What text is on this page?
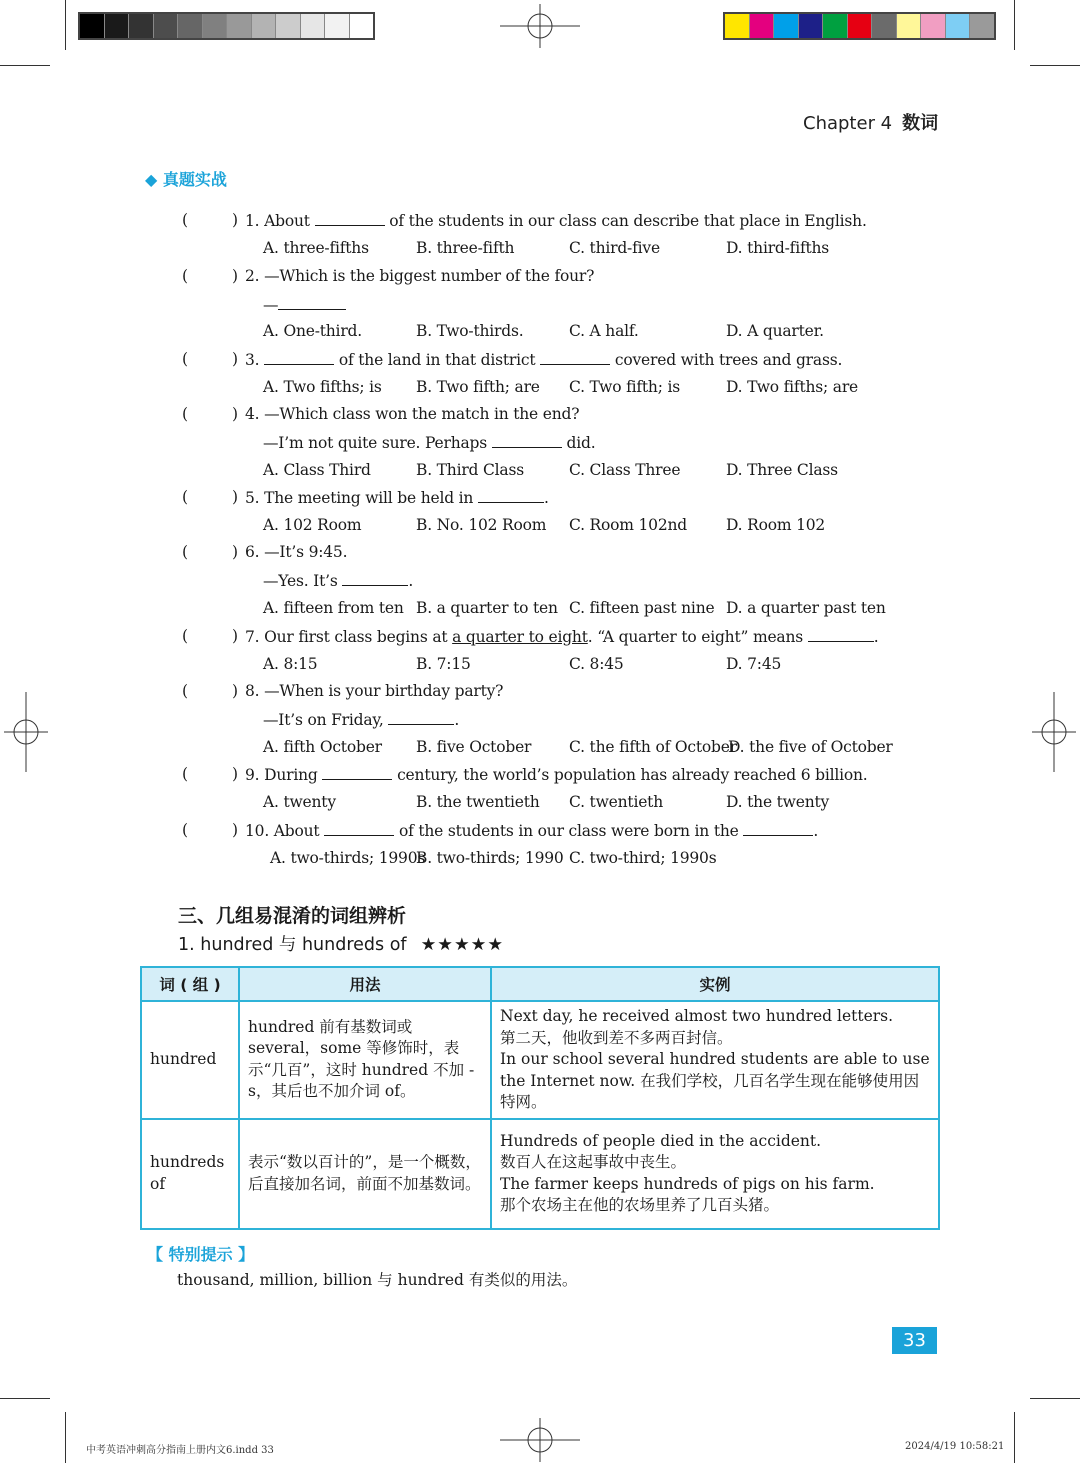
Chapter 4 数词
◆ 真题实战
(	) 1. About	of the students in our class can describe that place in English.
A. three-fifths	B. three-fifth	C. third-five	D. third-fifths
(	) 2. —Which is the biggest number of the four?
—
A. One-third.	B. Two-thirds.	C. A half.	D. A quarter.
(	) 3.	of the land in that district	covered with trees and grass.
A. Two fifths; is B. Two fifth; are C. Two fifth; is	D. Two fifths; are
(	) 4. —Which class won the match in the end?
—I’m not quite sure. Perhaps	did.
A. Class Third	B. Third Class	C. Class Three	D. Three Class
(	) 5. The meeting will be held in	.
A. 102 Room	B. No. 102 Room C. Room 102nd	D. Room 102
(	) 6. —It’s 9:45.
—Yes. It’s	.
A. fifteen from ten B. a quarter to ten C. fifteen past nine D. a quarter past ten
(	) 7. Our first class begins at a quarter to eight. “A quarter to eight” means	.
A. 8:15	B. 7:15	C. 8:45	D. 7:45
(	) 8. —When is your birthday party?
—It’s on Friday,	.
A. fifth October B. five October C. the fifth of October
D. the five of October
(	) 9. During	century, the world’s population has already reached 6 billion.
A. twenty	B. the twentieth C. twentieth	D. the twenty
(	) 10. About	of the students in our class were born in the	.
A. two-thirds; 1990s
B. two-thirds; 1990 C. two-third; 1990s
三、几组易混淆的词组辨析
1. hundred 与 hundreds of ★★★★★
词 ( 组 )	用法	实例
hundred	hundred 前有基数词或 several，some 等修饰时，表示“几百”，这时 hundred 不加 -s，其后也不加介词 of。	Next day, he received almost two hundred letters.
第二天，他收到差不多两百封信。
In our school several hundred students are able to use the Internet now. 在我们学校，几百名学生现在能够使用因特网。

hundreds of	表示“数以百计的”，是一个概数，后直接加名词，前面不加基数词。	Hundreds of people died in the accident.
数百人在这起事故中丧生。
The farmer keeps hundreds of pigs on his farm.
那个农场主在他的农场里养了几百头猪。
【 特别提示 】
thousand, million, billion 与 hundred 有类似的用法。
33
中考英语冲刺高分指南上册内文6.indd 33	2024/4/19 10:58:21
